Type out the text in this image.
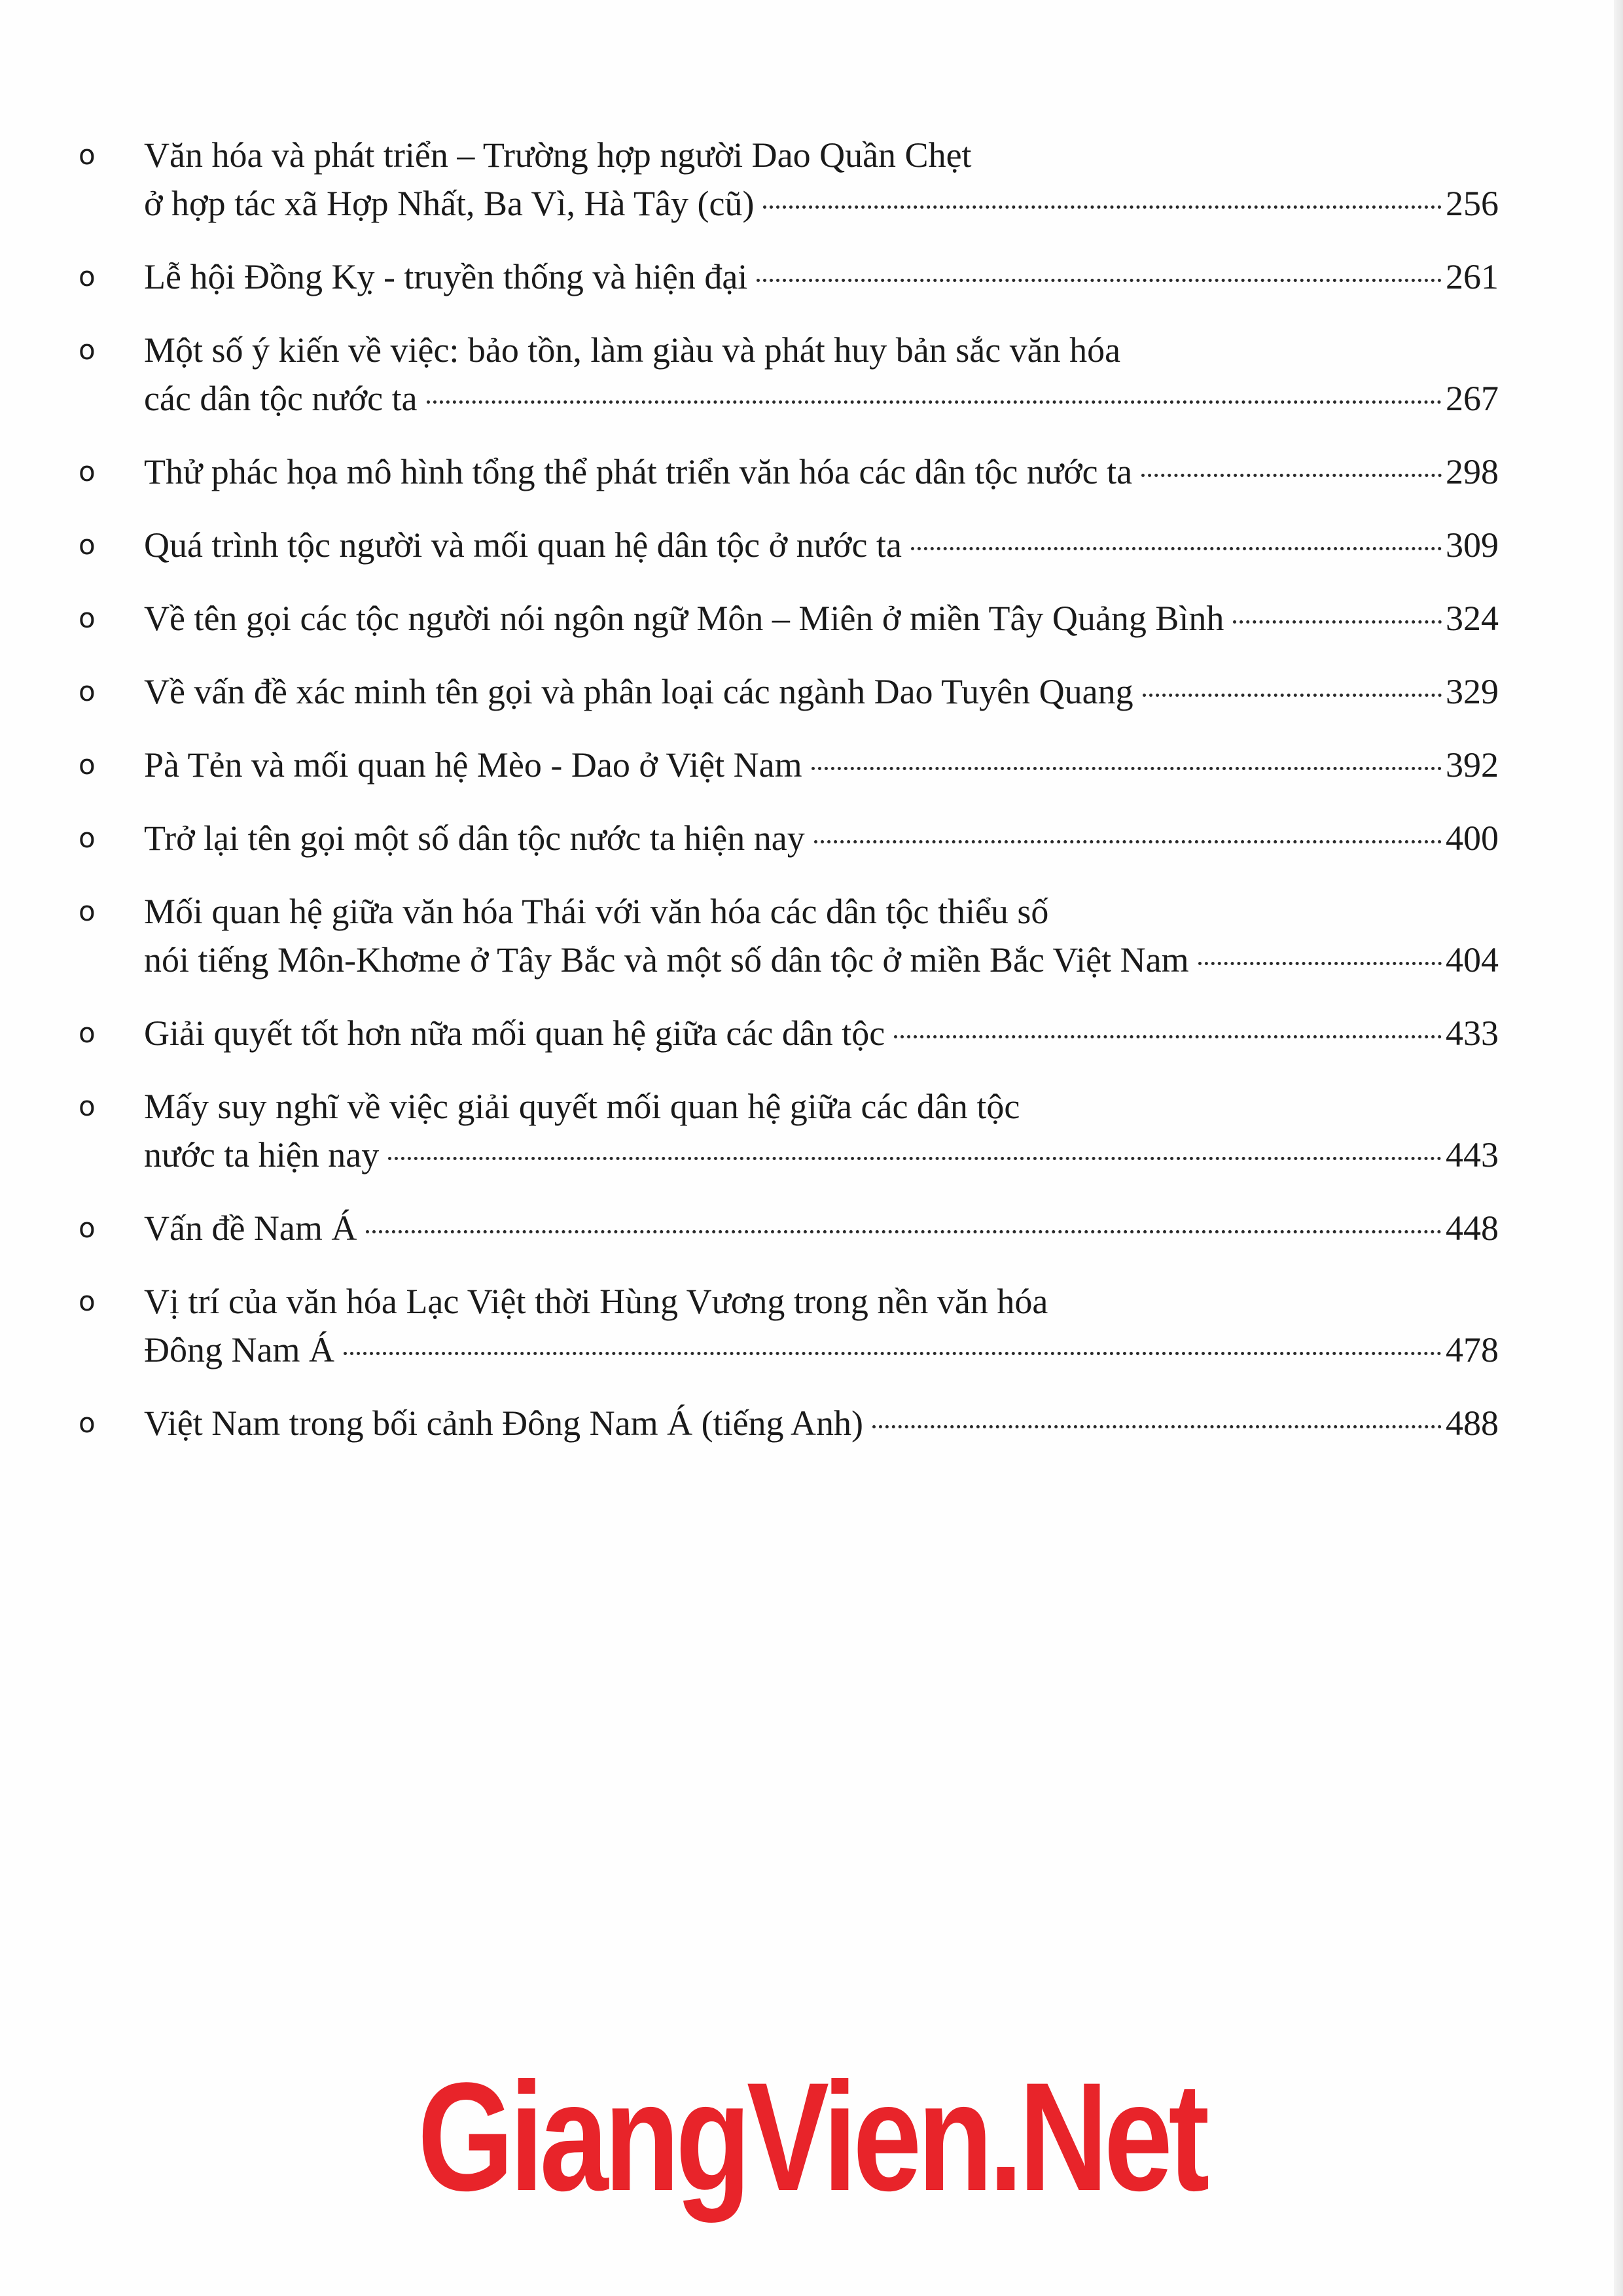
o	Văn hóa và phát triển – Trường hợp người Dao Quần Chẹt
ở hợp tác xã Hợp Nhất, Ba Vì, Hà Tây (cũ)	256
o	Lễ hội Đồng Kỵ - truyền thống và hiện đại	261
o	Một số ý kiến về việc: bảo tồn, làm giàu và phát huy bản sắc văn hóa
các dân tộc nước ta	267
o	Thử phác họa mô hình tổng thể phát triển văn hóa các dân tộc nước ta	298
o	Quá trình tộc người và mối quan hệ dân tộc ở nước ta	309
o	Về tên gọi các tộc người nói ngôn ngữ Môn – Miên ở miền Tây Quảng Bình	324
o	Về vấn đề xác minh tên gọi và phân loại các ngành Dao Tuyên Quang	329
o	Pà Tẻn và mối quan hệ Mèo - Dao ở Việt Nam	392
o	Trở lại tên gọi một số dân tộc nước ta hiện nay	400
o	Mối quan hệ giữa văn hóa Thái với văn hóa các dân tộc thiểu số
nói tiếng Môn-Khơme ở Tây Bắc và một số dân tộc ở miền Bắc Việt Nam	404
o	Giải quyết tốt hơn nữa mối quan hệ giữa các dân tộc	433
o	Mấy suy nghĩ về việc giải quyết mối quan hệ giữa các dân tộc
nước ta hiện nay	443
o	Vấn đề Nam Á	448
o	Vị trí của văn hóa Lạc Việt thời Hùng Vương trong nền văn hóa
Đông Nam Á	478
o	Việt Nam trong bối cảnh Đông Nam Á (tiếng Anh)	488
GiangVien.Net
